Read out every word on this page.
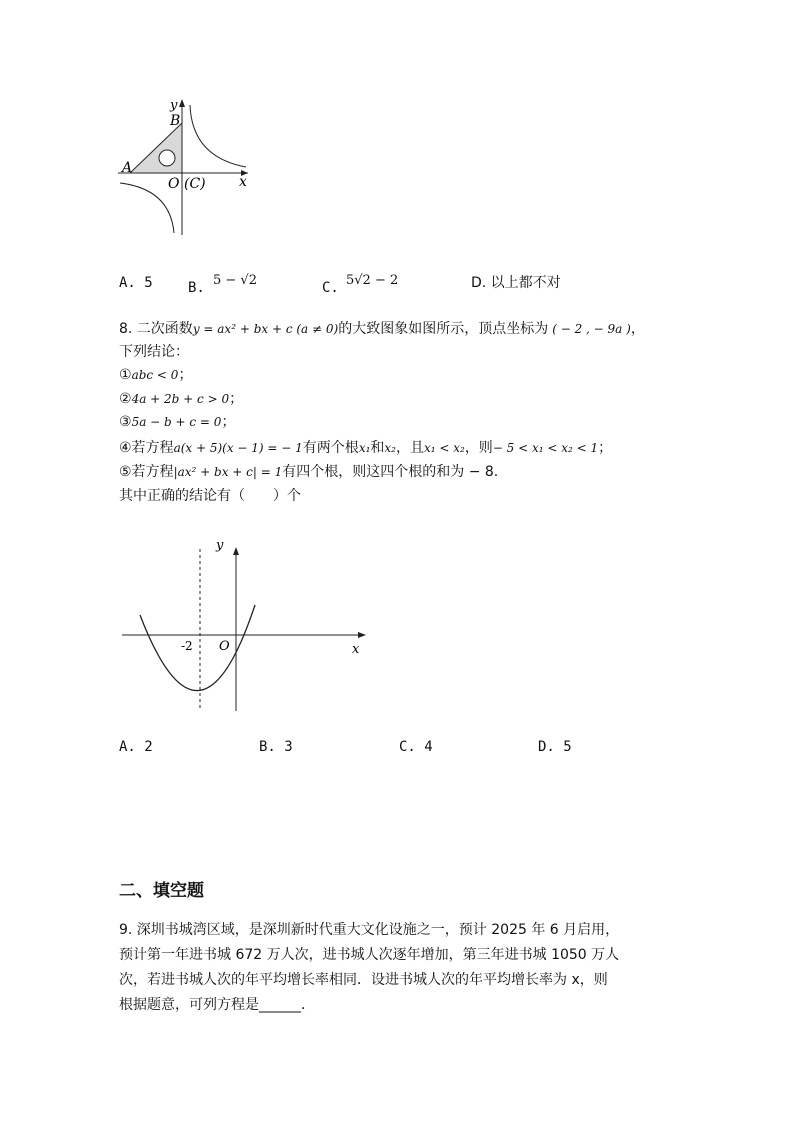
y
B
A
O (C) x
A. 5	B. 5 − √2	C. 5√2 − 2	D. 以上都不对
8. 二次函数y = ax² + bx + c (a ≠ 0)的大致图象如图所示，顶点坐标为 ( − 2 , − 9a )，
下列结论：
①abc < 0；
②4a + 2b + c > 0；
③5a − b + c = 0；
④若方程a(x + 5)(x − 1) = − 1有两个根x₁和x₂，且x₁ < x₂，则− 5 < x₁ < x₂ < 1；
⑤若方程|ax² + bx + c| = 1有四个根，则这四个根的和为 − 8.
其中正确的结论有（　　）个
y
x
O
-2
A. 2	B. 3	C. 4	D. 5
二、填空题
9. 深圳书城湾区域，是深圳新时代重大文化设施之一，预计 2025 年 6 月启用，
预计第一年进书城 672 万人次，进书城人次逐年增加，第三年进书城 1050 万人
次，若进书城人次的年平均增长率相同．设进书城人次的年平均增长率为 x，则
根据题意，可列方程是______．
